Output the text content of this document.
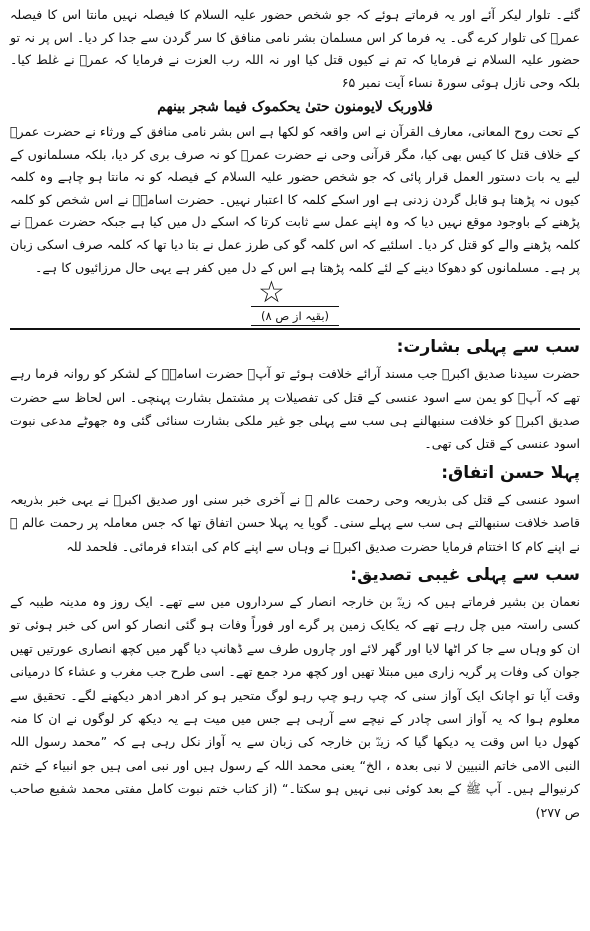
گئے۔ تلوار لیکر آئے اور یہ فرماتے ہوئے کہ جو شخص حضور علیہ السلام کا فیصلہ نہیں مانتا اس کا فیصلہ عمرؓ کی تلوار کرے گی۔ یہ فرما کر اس مسلمان بشر نامی منافق کا سر گردن سے جدا کر دیا۔ اس پر نہ تو حضور علیہ السلام نے فرمایا کہ تم نے کیوں قتل کیا اور نہ اللہ رب العزت نے فرمایا کہ عمرؓ نے غلط کیا۔ بلکہ وحی نازل ہوئی سورۃ نساء آیت نمبر ۶۵

فلاوربک لایومنون حتیٰ یحکموک فیما شجر بینھم

کے تحت روح المعانی، معارف القرآن نے اس واقعہ کو لکھا ہے اس بشر نامی منافق کے ورثاء نے حضرت عمرؓ کے خلاف قتل کا کیس بھی کیا، مگر قرآنی وحی نے حضرت عمرؓ کو نہ صرف بری کر دیا، بلکہ مسلمانوں کے لیے یہ بات دستور العمل قرار پائی کہ جو شخص حضور علیہ السلام کے فیصلہ کو نہ مانتا ہو چاہے وہ کلمہ کیوں نہ پڑھتا ہو قابل گردن زدنی ہے اور اسکے کلمہ کا اعتبار نہیں۔ حضرت اسامہؓ نے اس شخص کو کلمہ پڑھنے کے باوجود موقع نہیں دیا کہ وہ اپنے عمل سے ثابت کرتا کہ اسکے دل میں کیا ہے جبکہ حضرت عمرؓ نے کلمہ پڑھنے والے کو قتل کر دیا۔ اسلئیے کہ اس کلمہ گو کی طرز عمل نے بتا دیا تھا کہ کلمہ صرف اسکی زبان پر ہے۔ مسلمانوں کو دھوکا دینے کے لئے کلمہ پڑھتا ہے اس کے دل میں کفر ہے یہی حال مرزائیوں کا ہے۔

☆
(بقیہ از ص ۸)
سب سے پہلی بشارت:

حضرت سیدنا صدیق اکبرؓ جب مسند آرائے خلافت ہوئے تو آپؓ حضرت اسامہؓ کے لشکر کو روانہ فرما رہے تھے کہ آپؓ کو یمن سے اسود عنسی کے قتل کی تفصیلات پر مشتمل بشارت پہنچی۔ اس لحاظ سے حضرت صدیق اکبرؓ کو خلافت سنبھالنے ہی سب سے پہلی جو غیر ملکی بشارت سنائی گئی وہ جھوٹے مدعی نبوت اسود عنسی کے قتل کی تھی۔

پہلا حسن اتفاق:

اسود عنسی کے قتل کی بذریعہ وحی رحمت عالم ﷺ نے آخری خبر سنی اور صدیق اکبرؓ نے یہی خبر بذریعہ قاصد خلافت سنبھالتے ہی سب سے پہلے سنی۔ گویا یہ پہلا حسن اتفاق تھا کہ جس معاملہ پر رحمت عالم ﷺ نے اپنے کام کا اختتام فرمایا حضرت صدیق اکبرؓ نے وہاں سے اپنے کام کی ابتداء فرمائی۔ فلحمد للہ

سب سے پہلی غیبی تصدیق:

نعمان بن بشیر فرماتے ہیں کہ زیدؓ بن خارجہ انصار کے سرداروں میں سے تھے۔ ایک روز وہ مدینہ طیبہ کے کسی راستہ میں چل رہے تھے کہ یکایک زمین پر گرے اور فوراً وفات ہو گئی انصار کو اس کی خبر ہوئی تو ان کو وہاں سے جا کر اٹھا لایا اور گھر لائے اور چاروں طرف سے ڈھانپ دیا گھر میں کچھ انصاری عورتیں تھیں جوان کی وفات پر گریہ زاری میں مبتلا تھیں اور کچھ مرد جمع تھے۔ اسی طرح جب مغرب و عشاء کا درمیانی وقت آیا تو اچانک ایک آواز سنی کہ چپ رہو چپ رہو لوگ متحیر ہو کر ادھر ادھر دیکھنے لگے۔ تحقیق سے معلوم ہوا کہ یہ آواز اسی چادر کے نیچے سے آرہی ہے جس میں میت ہے یہ دیکھ کر لوگوں نے ان کا منہ کھول دیا اس وقت یہ دیکھا گیا کہ زیدؓ بن خارجہ کی زبان سے یہ آواز نکل رہی ہے کہ ”محمد رسول اللہ النبی الامی خاتم النبیین لا نبی بعدہ ، الخ“ یعنی محمد اللہ کے رسول ہیں اور نبی امی ہیں جو انبیاء کے ختم کرنیوالے ہیں۔ آپ ﷺ کے بعد کوئی نبی نہیں ہو سکتا۔“ (از کتاب ختم نبوت کامل مفتی محمد شفیع صاحب ص ۲۷۷)
